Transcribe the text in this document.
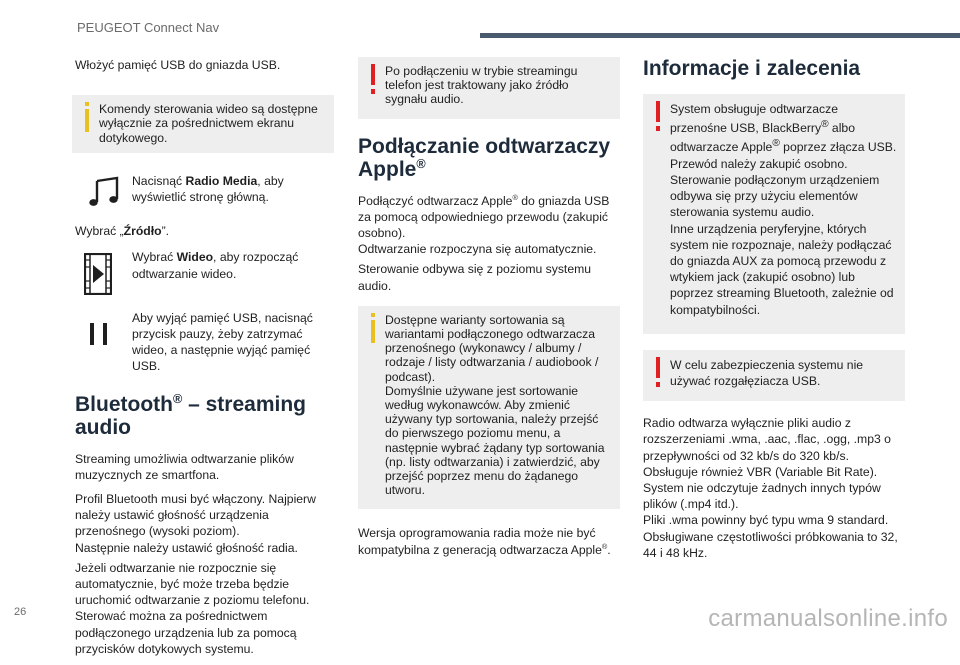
PEUGEOT Connect Nav

Włożyć pamięć USB do gniazda USB.

Komendy sterowania wideo są dostępne wyłącznie za pośrednictwem ekranu dotykowego.
Nacisnąć Radio Media, aby wyświetlić stronę główną.

Wybrać „Źródło”.

Wybrać Wideo, aby rozpocząć odtwarzanie wideo.
Aby wyjąć pamięć USB, nacisnąć przycisk pauzy, żeby zatrzymać wideo, a następnie wyjąć pamięć USB.
Bluetooth® – streaming audio

Streaming umożliwia odtwarzanie plików muzycznych ze smartfona.

Profil Bluetooth musi być włączony. Najpierw należy ustawić głośność urządzenia przenośnego (wysoki poziom).
Następnie należy ustawić głośność radia.

Jeżeli odtwarzanie nie rozpocznie się automatycznie, być może trzeba będzie uruchomić odtwarzanie z poziomu telefonu. Sterować można za pośrednictwem podłączonego urządzenia lub za pomocą przycisków dotykowych systemu.

Po podłączeniu w trybie streamingu telefon jest traktowany jako źródło sygnału audio.
Podłączanie odtwarzaczy Apple®

Podłączyć odtwarzacz Apple® do gniazda USB za pomocą odpowiedniego przewodu (zakupić osobno).
Odtwarzanie rozpoczyna się automatycznie.

Sterowanie odbywa się z poziomu systemu audio.

Dostępne warianty sortowania są wariantami podłączonego odtwarzacza przenośnego (wykonawcy / albumy / rodzaje / listy odtwarzania / audiobook / podcast).
Domyślnie używane jest sortowanie według wykonawców. Aby zmienić używany typ sortowania, należy przejść do pierwszego poziomu menu, a następnie wybrać żądany typ sortowania (np. listy odtwarzania) i zatwierdzić, aby przejść poprzez menu do żądanego utworu.

Wersja oprogramowania radia może nie być kompatybilna z generacją odtwarzacza Apple®.

Informacje i zalecenia
System obsługuje odtwarzacze przenośne USB, BlackBerry® albo odtwarzacze Apple® poprzez złącza USB. Przewód należy zakupić osobno.
Sterowanie podłączonym urządzeniem odbywa się przy użyciu elementów sterowania systemu audio.
Inne urządzenia peryferyjne, których system nie rozpoznaje, należy podłączać do gniazda AUX za pomocą przewodu z wtykiem jack (zakupić osobno) lub poprzez streaming Bluetooth, zależnie od kompatybilności.
W celu zabezpieczenia systemu nie używać rozgałęziacza USB.

Radio odtwarza wyłącznie pliki audio z rozszerzeniami .wma, .aac, .flac, .ogg, .mp3 o przepływności od 32 kb/s do 320 kb/s.
Obsługuje również VBR (Variable Bit Rate).
System nie odczytuje żadnych innych typów plików (.mp4 itd.).
Pliki .wma powinny być typu wma 9 standard.
Obsługiwane częstotliwości próbkowania to 32, 44 i 48 kHz.

26	carmanualsonline.info
